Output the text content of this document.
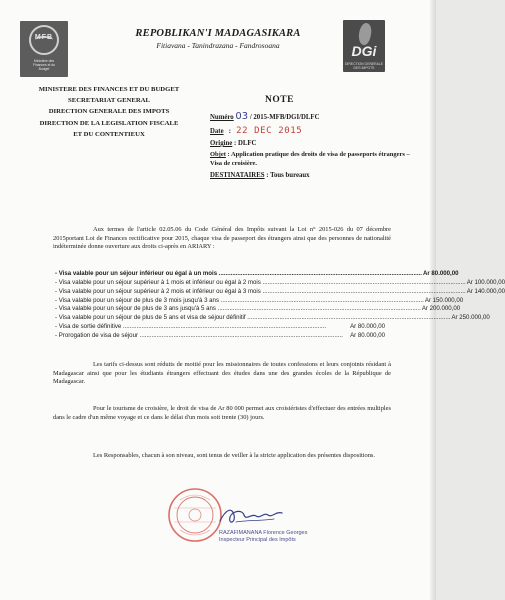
MFB
Ministère des
Finances et du
Budget
REPOBLIKAN'I MADAGASIKARA
Fitiavana - Tanindrazana - Fandrosoana	DGi
DIRECTION GENERALE DES IMPOTS
MINISTERE DES FINANCES ET DU BUDGET
SECRETARIAT GENERAL
DIRECTION GENERALE DES IMPOTS
DIRECTION DE LA LEGISLATION FISCALE
ET DU CONTENTIEUX
NOTE
Numéro 03 / 2015-MFB/DGI/DLFC
Date   :   22 DEC 2015
Origine : DLFC
Objet : Application pratique des droits de visa de passeports étrangers – Visa de croisière.
DESTINATAIRES : Tous bureaux
Aux termes de l'article 02.05.06 du Code Général des Impôts suivant la Loi n° 2015-026 du 07 décembre 2015portant Loi de Finances rectificative pour 2015, chaque visa de passeport des étrangers ainsi que des personnes de nationalité indéterminée donne ouverture aux droits ci-après en ARIARY :
- Visa valable pour un séjour inférieur ou égal à un mois ........................................................................................................................ Ar 80.000,00
- Visa valable pour un séjour supérieur à 1 mois et inférieur ou égal à 2 mois ........................................................................................................................ Ar 100.000,00
- Visa valable pour un séjour supérieur à 2 mois et inférieur ou égal à 3 mois ........................................................................................................................ Ar 140.000,00
- Visa valable pour un séjour de plus de 3 mois jusqu'à 3 ans ........................................................................................................................ Ar 150.000,00
- Visa valable pour un séjour de plus de 3 ans jusqu'à 5 ans ........................................................................................................................ Ar 200.000,00
- Visa valable pour un séjour de plus de 5 ans et visa de séjour définitif ........................................................................................................................ Ar 250.000,00
- Visa de sortie définitive ........................................................................................................................	Ar 80.000,00
- Prorogation de visa de séjour ........................................................................................................................	Ar 80.000,00
Les tarifs ci-dessus sont réduits de moitié pour les missionnaires de toutes confessions et leurs conjoints résidant à Madagascar ainsi que pour les étudiants étrangers effectuant des études dans une des grandes écoles de la République de Madagascar.
Pour le tourisme de croisière, le droit de visa de Ar 80 000 permet aux croisiéristes d'effectuer des entrées multiples dans le cadre d'un même voyage et ce dans le délai d'un mois soit trente (30) jours.
Les Responsables, chacun à son niveau, sont tenus de veiller à la stricte application des présentes dispositions.
RAZAFIMANANA Florence Georges
Inspecteur Principal des Impôts
